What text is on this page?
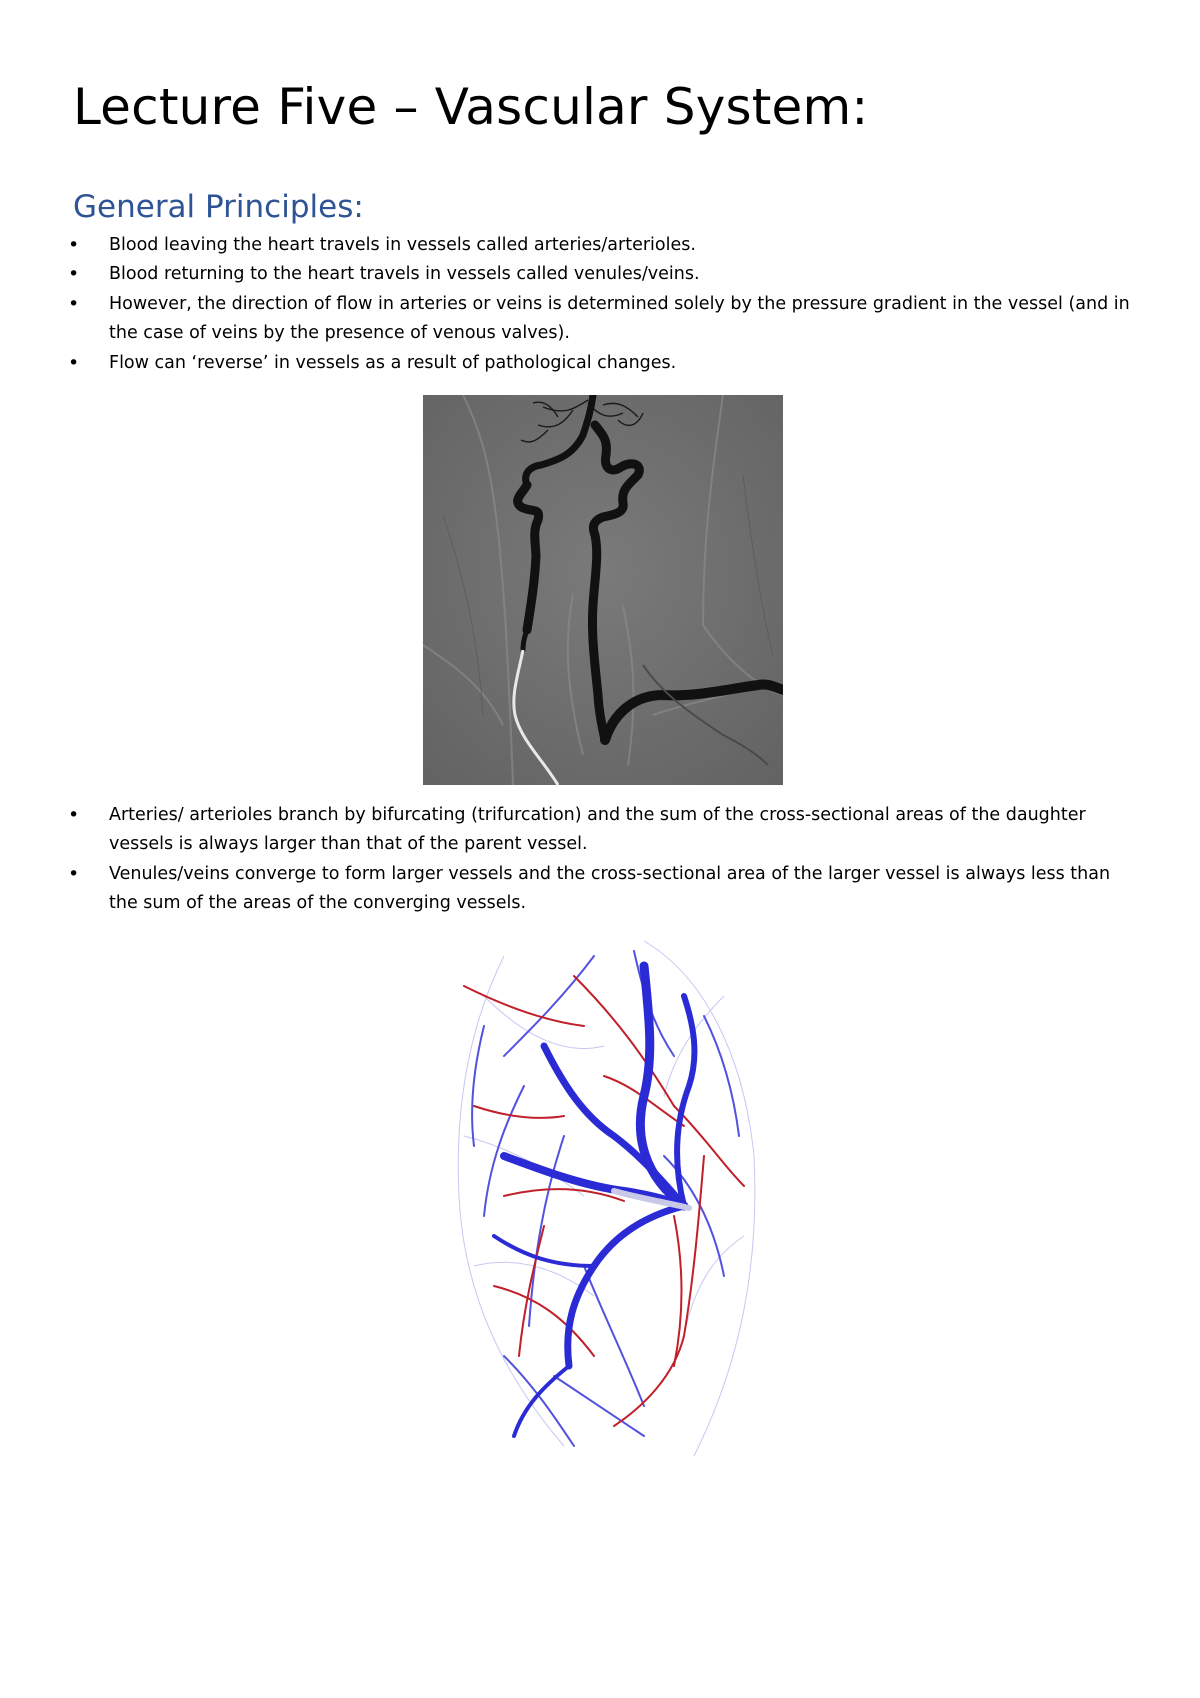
Lecture Five – Vascular System:
General Principles:
• Blood leaving the heart travels in vessels called arteries/arterioles.
• Blood returning to the heart travels in vessels called venules/veins.
• However, the direction of flow in arteries or veins is determined solely by the pressure gradient in the vessel (and in the case of veins by the presence of venous valves).
• Flow can ‘reverse’ in vessels as a result of pathological changes.
• Arteries/ arterioles branch by bifurcating (trifurcation) and the sum of the cross-sectional areas of the daughter vessels is always larger than that of the parent vessel.
• Venules/veins converge to form larger vessels and the cross-sectional area of the larger vessel is always less than the sum of the areas of the converging vessels.
